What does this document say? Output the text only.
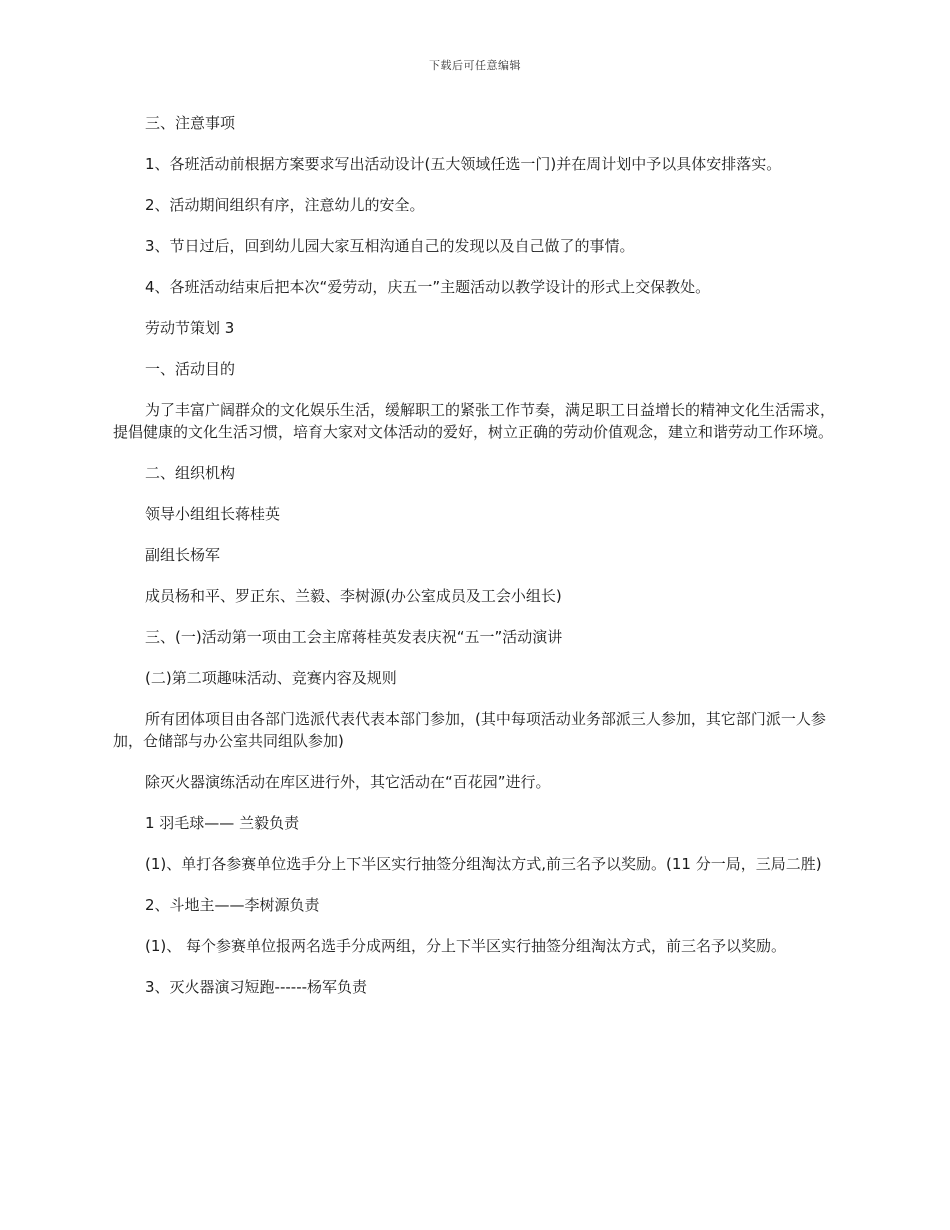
下载后可任意编辑

三、注意事项

1、各班活动前根据方案要求写出活动设计(五大领域任选一门)并在周计划中予以具体安排落实。

2、活动期间组织有序，注意幼儿的安全。

3、节日过后，回到幼儿园大家互相沟通自己的发现以及自己做了的事情。

4、各班活动结束后把本次“爱劳动，庆五一”主题活动以教学设计的形式上交保教处。

劳动节策划 3

一、活动目的

为了丰富广阔群众的文化娱乐生活，缓解职工的紧张工作节奏，满足职工日益增长的精神文化生活需求，提倡健康的文化生活习惯，培育大家对文体活动的爱好，树立正确的劳动价值观念，建立和谐劳动工作环境。

二、组织机构

领导小组组长蒋桂英

副组长杨军

成员杨和平、罗正东、兰毅、李树源(办公室成员及工会小组长)

三、(一)活动第一项由工会主席蒋桂英发表庆祝“五一”活动演讲

(二)第二项趣味活动、竞赛内容及规则

所有团体项目由各部门选派代表代表本部门参加，(其中每项活动业务部派三人参加，其它部门派一人参加，仓储部与办公室共同组队参加)

除灭火器演练活动在库区进行外，其它活动在“百花园”进行。

1 羽毛球—— 兰毅负责

(1)、单打各参赛单位选手分上下半区实行抽签分组淘汰方式,前三名予以奖励。(11 分一局，三局二胜)

2、斗地主——李树源负责

(1)、 每个参赛单位报两名选手分成两组，分上下半区实行抽签分组淘汰方式，前三名予以奖励。

3、灭火器演习短跑------杨军负责
